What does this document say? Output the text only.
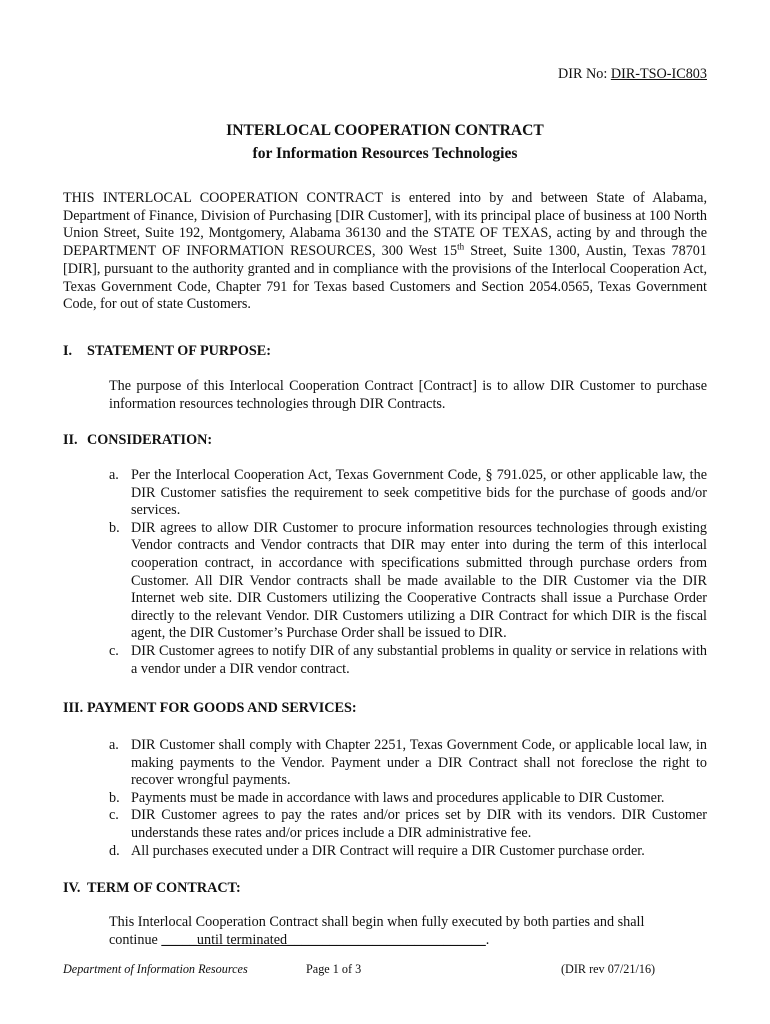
DIR No: DIR-TSO-IC803
INTERLOCAL COOPERATION CONTRACT
for Information Resources Technologies

THIS INTERLOCAL COOPERATION CONTRACT is entered into by and between State of Alabama, Department of Finance, Division of Purchasing [DIR Customer], with its principal place of business at 100 North Union Street, Suite 192, Montgomery, Alabama 36130 and the STATE OF TEXAS, acting by and through the DEPARTMENT OF INFORMATION RESOURCES, 300 West 15th Street, Suite 1300, Austin, Texas 78701 [DIR], pursuant to the authority granted and in compliance with the provisions of the Interlocal Cooperation Act, Texas Government Code, Chapter 791 for Texas based Customers and Section 2054.0565, Texas Government Code, for out of state Customers.

I. STATEMENT OF PURPOSE:

The purpose of this Interlocal Cooperation Contract [Contract] is to allow DIR Customer to purchase information resources technologies through DIR Contracts.

II. CONSIDERATION:
a. Per the Interlocal Cooperation Act, Texas Government Code, § 791.025, or other applicable law, the DIR Customer satisfies the requirement to seek competitive bids for the purchase of goods and/or services.
b. DIR agrees to allow DIR Customer to procure information resources technologies through existing Vendor contracts and Vendor contracts that DIR may enter into during the term of this interlocal cooperation contract, in accordance with specifications submitted through purchase orders from Customer. All DIR Vendor contracts shall be made available to the DIR Customer via the DIR Internet web site. DIR Customers utilizing the Cooperative Contracts shall issue a Purchase Order directly to the relevant Vendor. DIR Customers utilizing a DIR Contract for which DIR is the fiscal agent, the DIR Customer’s Purchase Order shall be issued to DIR.
c. DIR Customer agrees to notify DIR of any substantial problems in quality or service in relations with a vendor under a DIR vendor contract.
III. PAYMENT FOR GOODS AND SERVICES:
a. DIR Customer shall comply with Chapter 2251, Texas Government Code, or applicable local law, in making payments to the Vendor. Payment under a DIR Contract shall not foreclose the right to recover wrongful payments.
b. Payments must be made in accordance with laws and procedures applicable to DIR Customer.
c. DIR Customer agrees to pay the rates and/or prices set by DIR with its vendors. DIR Customer understands these rates and/or prices include a DIR administrative fee.
d. All purchases executed under a DIR Contract will require a DIR Customer purchase order.
IV. TERM OF CONTRACT:
This Interlocal Cooperation Contract shall begin when fully executed by both parties and shall
continue _____until terminated____________________________.
Department of Information Resources	Page 1 of 3	(DIR rev 07/21/16)
